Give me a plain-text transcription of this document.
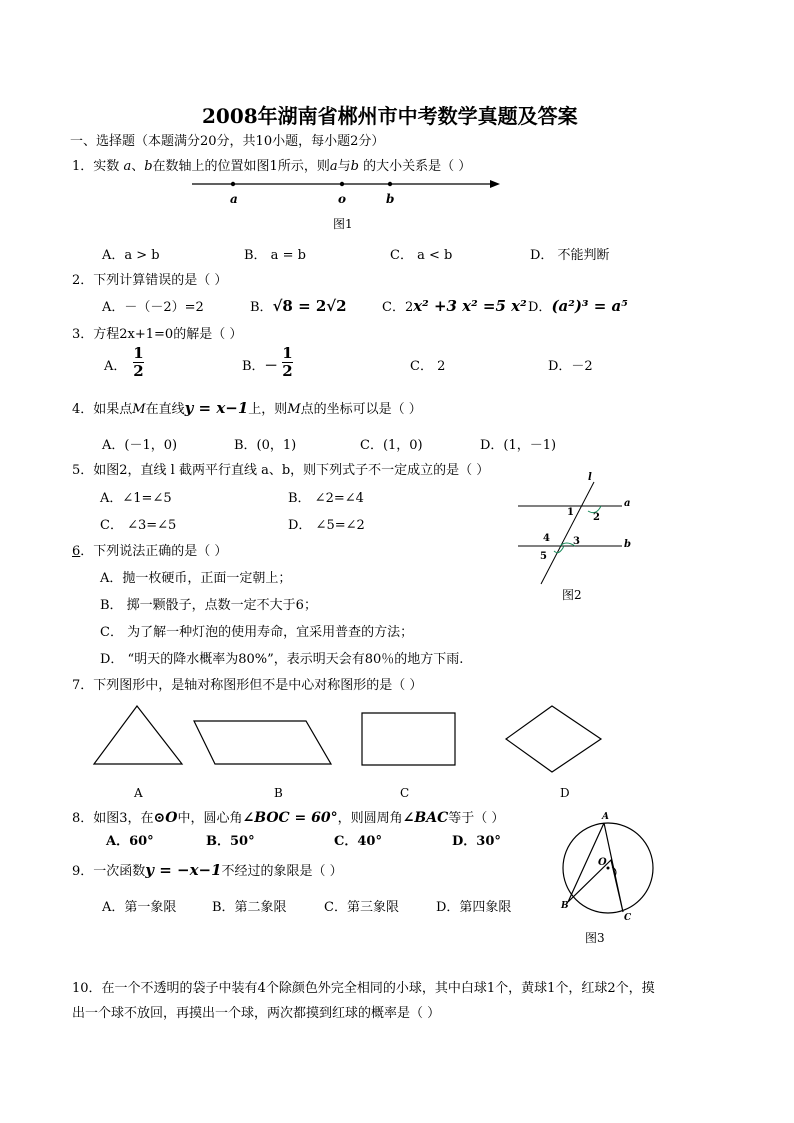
2008年湖南省郴州市中考数学真题及答案
一、选择题（本题满分20分，共10小题，每小题2分）
1．实数 a、b在数轴上的位置如图1所示，则a与b 的大小关系是（ ）
a	o	b
图1
A．a > b	B． a = b	C． a < b	D． 不能判断
2．下列计算错误的是（ ）
A．－（－2）=2	B．√8 = 2√2	C．2x² +3 x² =5 x² D．(a²)³ = a⁵
3．方程2x+1=0的解是（ ）
A．
1
2	B．－
1
2	C． 2	D．－2
4．如果点M在直线y = x−1上，则M点的坐标可以是（ ）
A．(－1，0)	B．(0，1)	C．(1，0)	D．(1，－1)
5．如图2，直线 l 截两平行直线 a、b，则下列式子不一定成立的是（ ）
A．∠1=∠5	B． ∠2=∠4
C． ∠3=∠5	D． ∠5=∠2
l
a
b
1 2
3
4
5
图2
6．下列说法正确的是（ ）
A．抛一枚硬币，正面一定朝上；
B． 掷一颗骰子，点数一定不大于6；
C． 为了解一种灯泡的使用寿命，宜采用普查的方法；
D． “明天的降水概率为80%”，表示明天会有80％的地方下雨.
7．下列图形中，是轴对称图形但不是中心对称图形的是（ ）
A	B	C	D
8．如图3，在⊙O中，圆心角∠BOC = 60°，则圆周角∠BAC等于（ ）
A．60°	B．50°	C．40°	D．30°
A
O
B
C
图3
9．一次函数y = −x−1不经过的象限是（ ）
A．第一象限	B．第二象限	C．第三象限	D．第四象限
10．在一个不透明的袋子中装有4个除颜色外完全相同的小球，其中白球1个，黄球1个，红球2个，摸
出一个球不放回，再摸出一个球，两次都摸到红球的概率是（ ）
